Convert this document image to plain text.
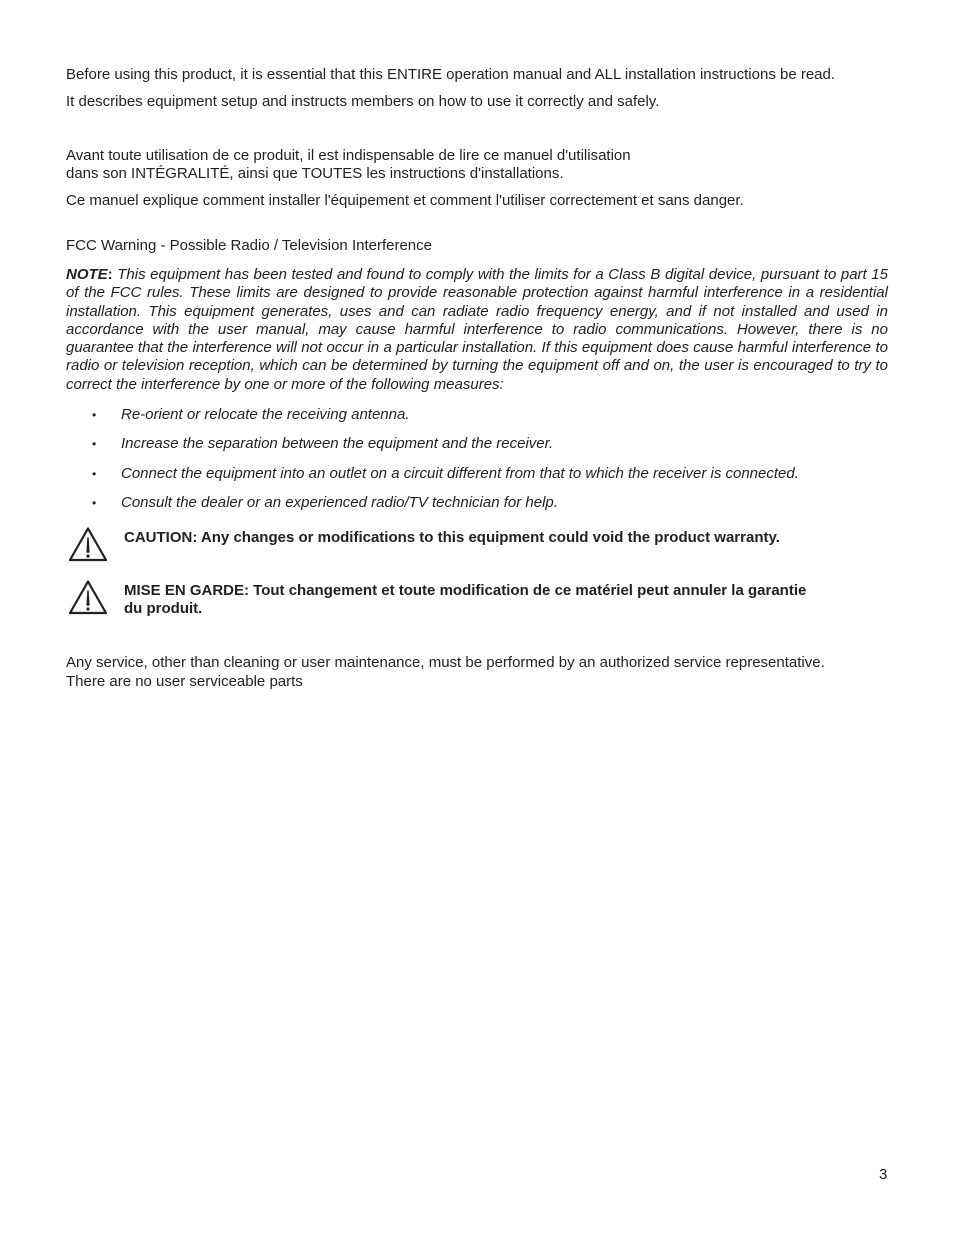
Before using this product, it is essential that this ENTIRE operation manual and ALL installation instructions be read.

It describes equipment setup and instructs members on how to use it correctly and safely.

Avant toute utilisation de ce produit, il est indispensable de lire ce manuel d'utilisation

dans son INTÉGRALITÉ, ainsi que TOUTES les instructions d'installations.

Ce manuel explique comment installer l'équipement et comment l'utiliser correctement et sans danger.

FCC Warning - Possible Radio / Television Interference

NOTE: This equipment has been tested and found to comply with the limits for a Class B digital device, pursuant to part 15 of the FCC rules. These limits are designed to provide reasonable protection against harmful interference in a residential installation. This equipment generates, uses and can radiate radio frequency energy, and if not installed and used in accordance with the user manual, may cause harmful interference to radio communications. However, there is no guarantee that the interference will not occur in a particular installation. If this equipment does cause harmful interference to radio or television reception, which can be determined by turning the equipment off and on, the user is encouraged to try to correct the interference by one or more of the following measures:

• Re-orient or relocate the receiving antenna.
• Increase the separation between the equipment and the receiver.
• Connect the equipment into an outlet on a circuit different from that to which the receiver is connected.
• Consult the dealer or an experienced radio/TV technician for help.
CAUTION: Any changes or modifications to this equipment could void the product warranty.
MISE EN GARDE: Tout changement et toute modification de ce matériel peut annuler la garantie
du produit.

Any service, other than cleaning or user maintenance, must be performed by an authorized service representative.

There are no user serviceable parts

3
